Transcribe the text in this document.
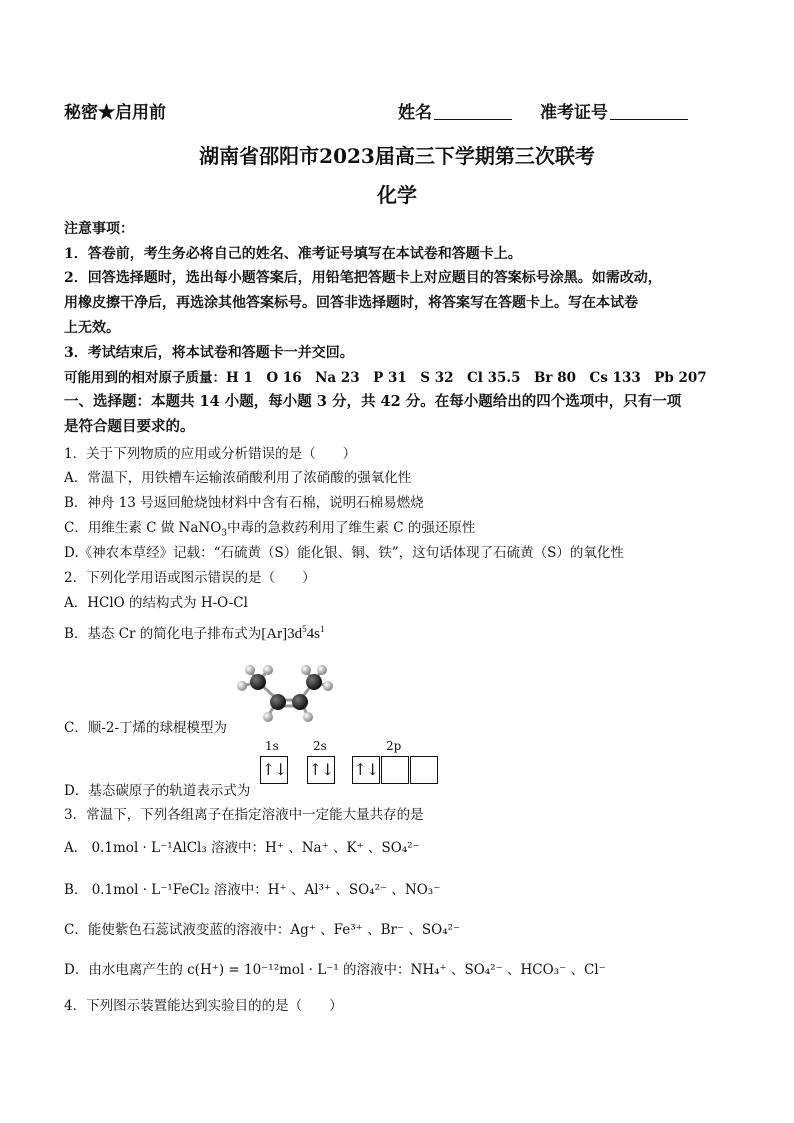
秘密★启用前	姓名	准考证号
湖南省邵阳市2023届高三下学期第三次联考
化学
注意事项：
1．答卷前，考生务必将自己的姓名、准考证号填写在本试卷和答题卡上。
2．回答选择题时，选出每小题答案后，用铅笔把答题卡上对应题目的答案标号涂黑。如需改动，
用橡皮擦干净后，再选涂其他答案标号。回答非选择题时，将答案写在答题卡上。写在本试卷
上无效。
3．考试结束后，将本试卷和答题卡一并交回。
可能用到的相对原子质量：H 1　O 16　Na 23　P 31　S 32　Cl 35.5　Br 80　Cs 133　Pb 207
一、选择题：本题共 14 小题，每小题 3 分，共 42 分。在每小题给出的四个选项中，只有一项
是符合题目要求的。
1．关于下列物质的应用或分析错误的是（　　）
A．常温下，用铁槽车运输浓硝酸利用了浓硝酸的强氧化性
B．神舟 13 号返回舱烧蚀材料中含有石棉，说明石棉易燃烧
C．用维生素 C 做 NaNO$_3$中毒的急救药利用了维生素 C 的强还原性
D.《神农本草经》记载：“石硫黄（S）能化银、铜、铁”，这句话体现了石硫黄（S）的氧化性
2．下列化学用语或图示错误的是（　　）
A．HClO 的结构式为 H-O-Cl
B．基态 Cr 的简化电子排布式为$[Ar]3d^54s^1$
C．顺-2-丁烯的球棍模型为
1s	2s	2p
↑↓ ↑↓ ↑↓
D．基态碳原子的轨道表示式为
3．常温下，下列各组离子在指定溶液中一定能大量共存的是
A． 0.1mol · L⁻¹AlCl₃ 溶液中：H⁺ 、Na⁺ 、K⁺ 、SO₄²⁻
B． 0.1mol · L⁻¹FeCl₂ 溶液中：H⁺ 、Al³⁺ 、SO₄²⁻ 、NO₃⁻
C．能使紫色石蕊试液变蓝的溶液中：Ag⁺ 、Fe³⁺ 、Br⁻ 、SO₄²⁻
D．由水电离产生的 c(H⁺) = 10⁻¹²mol · L⁻¹ 的溶液中：NH₄⁺ 、SO₄²⁻ 、HCO₃⁻ 、Cl⁻
4．下列图示装置能达到实验目的的是（　　）
